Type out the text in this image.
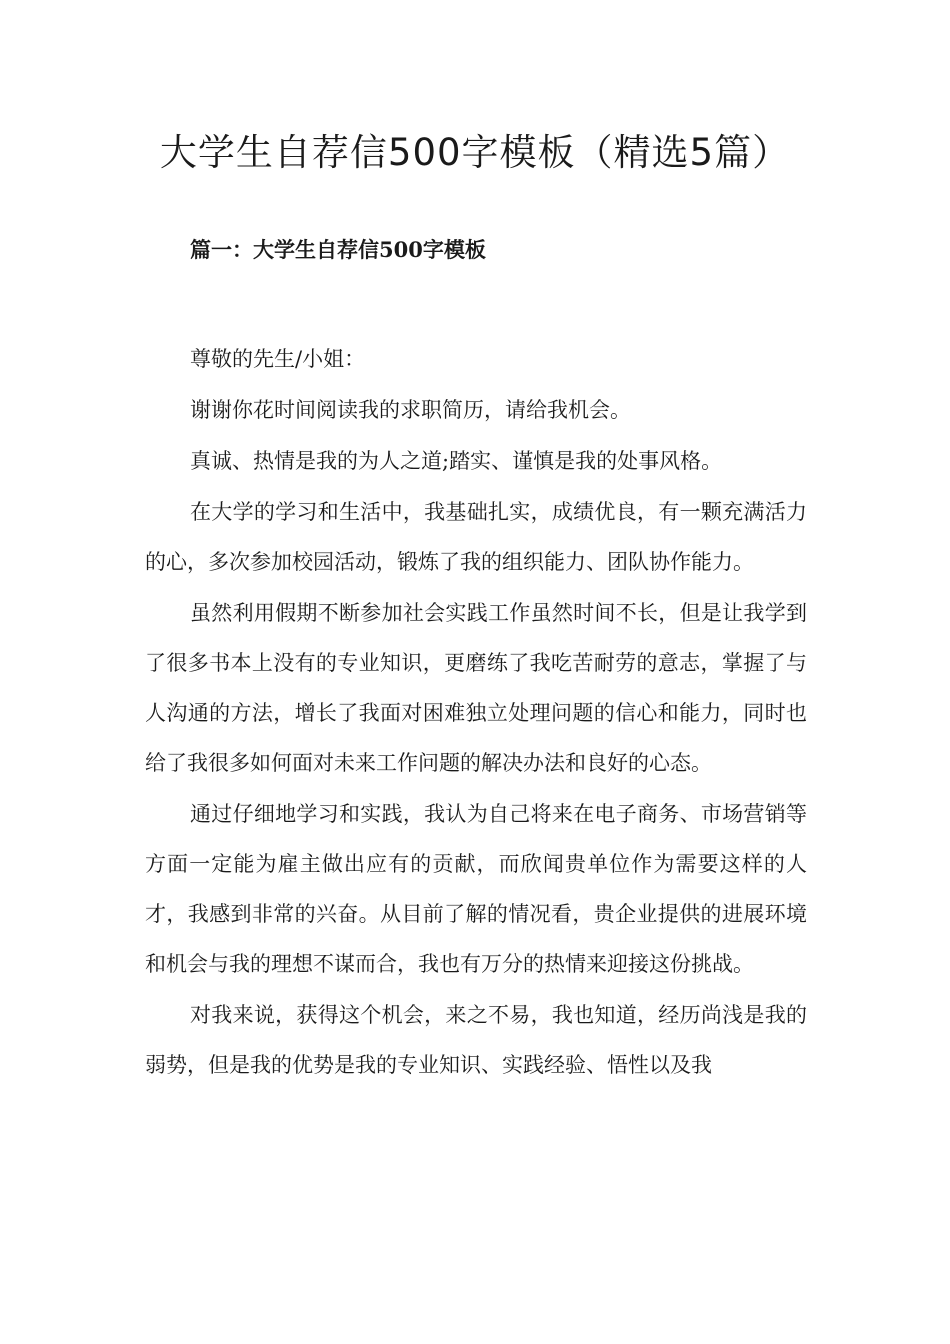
大学生自荐信500字模板（精选5篇）
篇一：大学生自荐信500字模板

尊敬的先生/小姐：

谢谢你花时间阅读我的求职简历，请给我机会。

真诚、热情是我的为人之道;踏实、谨慎是我的处事风格。

在大学的学习和生活中，我基础扎实，成绩优良，有一颗充满活力的心，多次参加校园活动，锻炼了我的组织能力、团队协作能力。

虽然利用假期不断参加社会实践工作虽然时间不长，但是让我学到了很多书本上没有的专业知识，更磨练了我吃苦耐劳的意志，掌握了与人沟通的方法，增长了我面对困难独立处理问题的信心和能力，同时也给了我很多如何面对未来工作问题的解决办法和良好的心态。

通过仔细地学习和实践，我认为自己将来在电子商务、市场营销等方面一定能为雇主做出应有的贡献，而欣闻贵单位作为需要这样的人才，我感到非常的兴奋。从目前了解的情况看，贵企业提供的进展环境和机会与我的理想不谋而合，我也有万分的热情来迎接这份挑战。

对我来说，获得这个机会，来之不易，我也知道，经历尚浅是我的弱势，但是我的优势是我的专业知识、实践经验、悟性以及我
